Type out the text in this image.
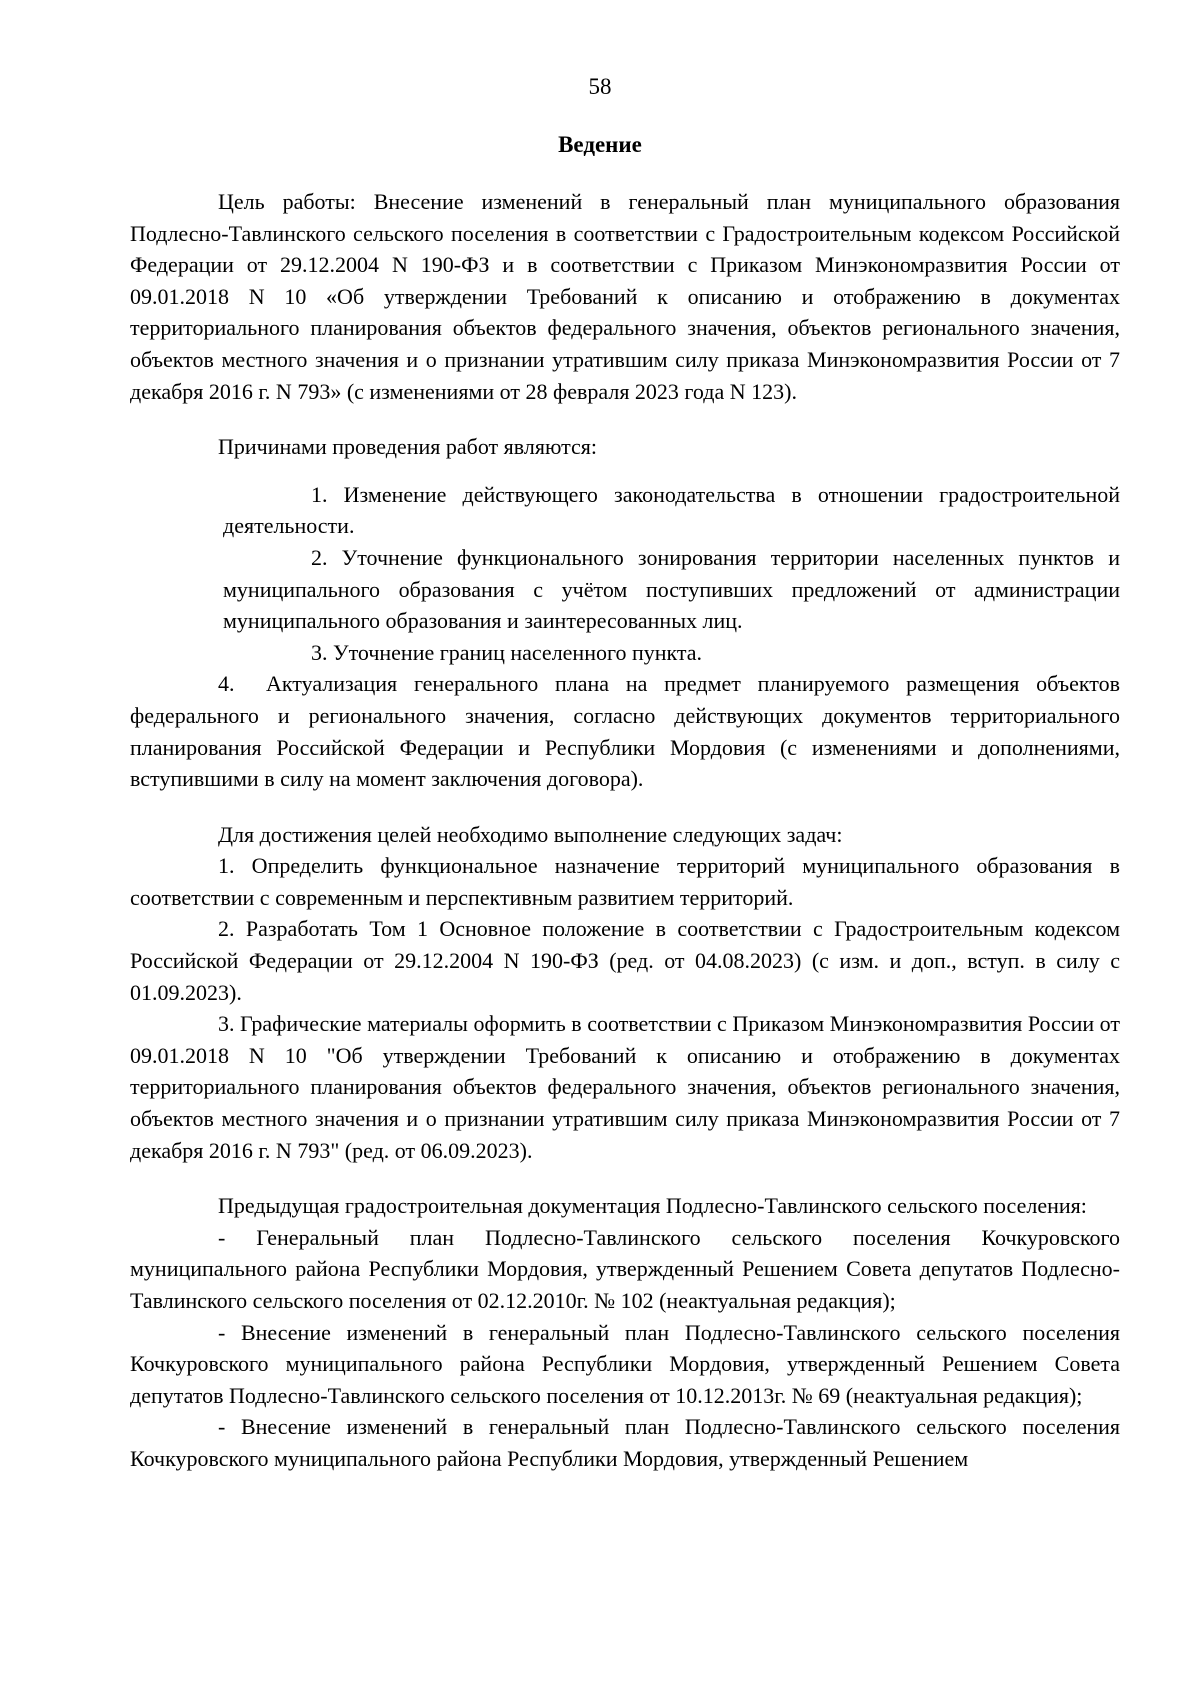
58
Ведение

Цель работы: Внесение изменений в генеральный план муниципального образования Подлесно-Тавлинского сельского поселения в соответствии с Градостроительным кодексом Российской Федерации от 29.12.2004 N 190-ФЗ и в соответствии с Приказом Минэкономразвития России от 09.01.2018 N 10 «Об утверждении Требований к описанию и отображению в документах территориального планирования объектов федерального значения, объектов регионального значения, объектов местного значения и о признании утратившим силу приказа Минэкономразвития России от 7 декабря 2016 г. N 793» (с изменениями от 28 февраля 2023 года N 123).

Причинами проведения работ являются:

1. Изменение действующего законодательства в отношении градостроительной деятельности.

2. Уточнение функционального зонирования территории населенных пунктов и муниципального образования с учётом поступивших предложений от администрации муниципального образования и заинтересованных лиц.

3. Уточнение границ населенного пункта.

4. Актуализация генерального плана на предмет планируемого размещения объектов федерального и регионального значения, согласно действующих документов территориального планирования Российской Федерации и Республики Мордовия (с изменениями и дополнениями, вступившими в силу на момент заключения договора).

Для достижения целей необходимо выполнение следующих задач:

1. Определить функциональное назначение территорий муниципального образования в соответствии с современным и перспективным развитием территорий.

2. Разработать Том 1 Основное положение в соответствии с Градостроительным кодексом Российской Федерации от 29.12.2004 N 190-ФЗ (ред. от 04.08.2023) (с изм. и доп., вступ. в силу с 01.09.2023).

3. Графические материалы оформить в соответствии с Приказом Минэкономразвития России от 09.01.2018 N 10 "Об утверждении Требований к описанию и отображению в документах территориального планирования объектов федерального значения, объектов регионального значения, объектов местного значения и о признании утратившим силу приказа Минэкономразвития России от 7 декабря 2016 г. N 793" (ред. от 06.09.2023).

Предыдущая градостроительная документация Подлесно-Тавлинского сельского поселения:

- Генеральный план Подлесно-Тавлинского сельского поселения Кочкуровского муниципального района Республики Мордовия, утвержденный Решением Совета депутатов Подлесно-Тавлинского сельского поселения от 02.12.2010г. № 102 (неактуальная редакция);

- Внесение изменений в генеральный план Подлесно-Тавлинского сельского поселения Кочкуровского муниципального района Республики Мордовия, утвержденный Решением Совета депутатов Подлесно-Тавлинского сельского поселения от 10.12.2013г. № 69 (неактуальная редакция);

- Внесение изменений в генеральный план Подлесно-Тавлинского сельского поселения Кочкуровского муниципального района Республики Мордовия, утвержденный Решением
